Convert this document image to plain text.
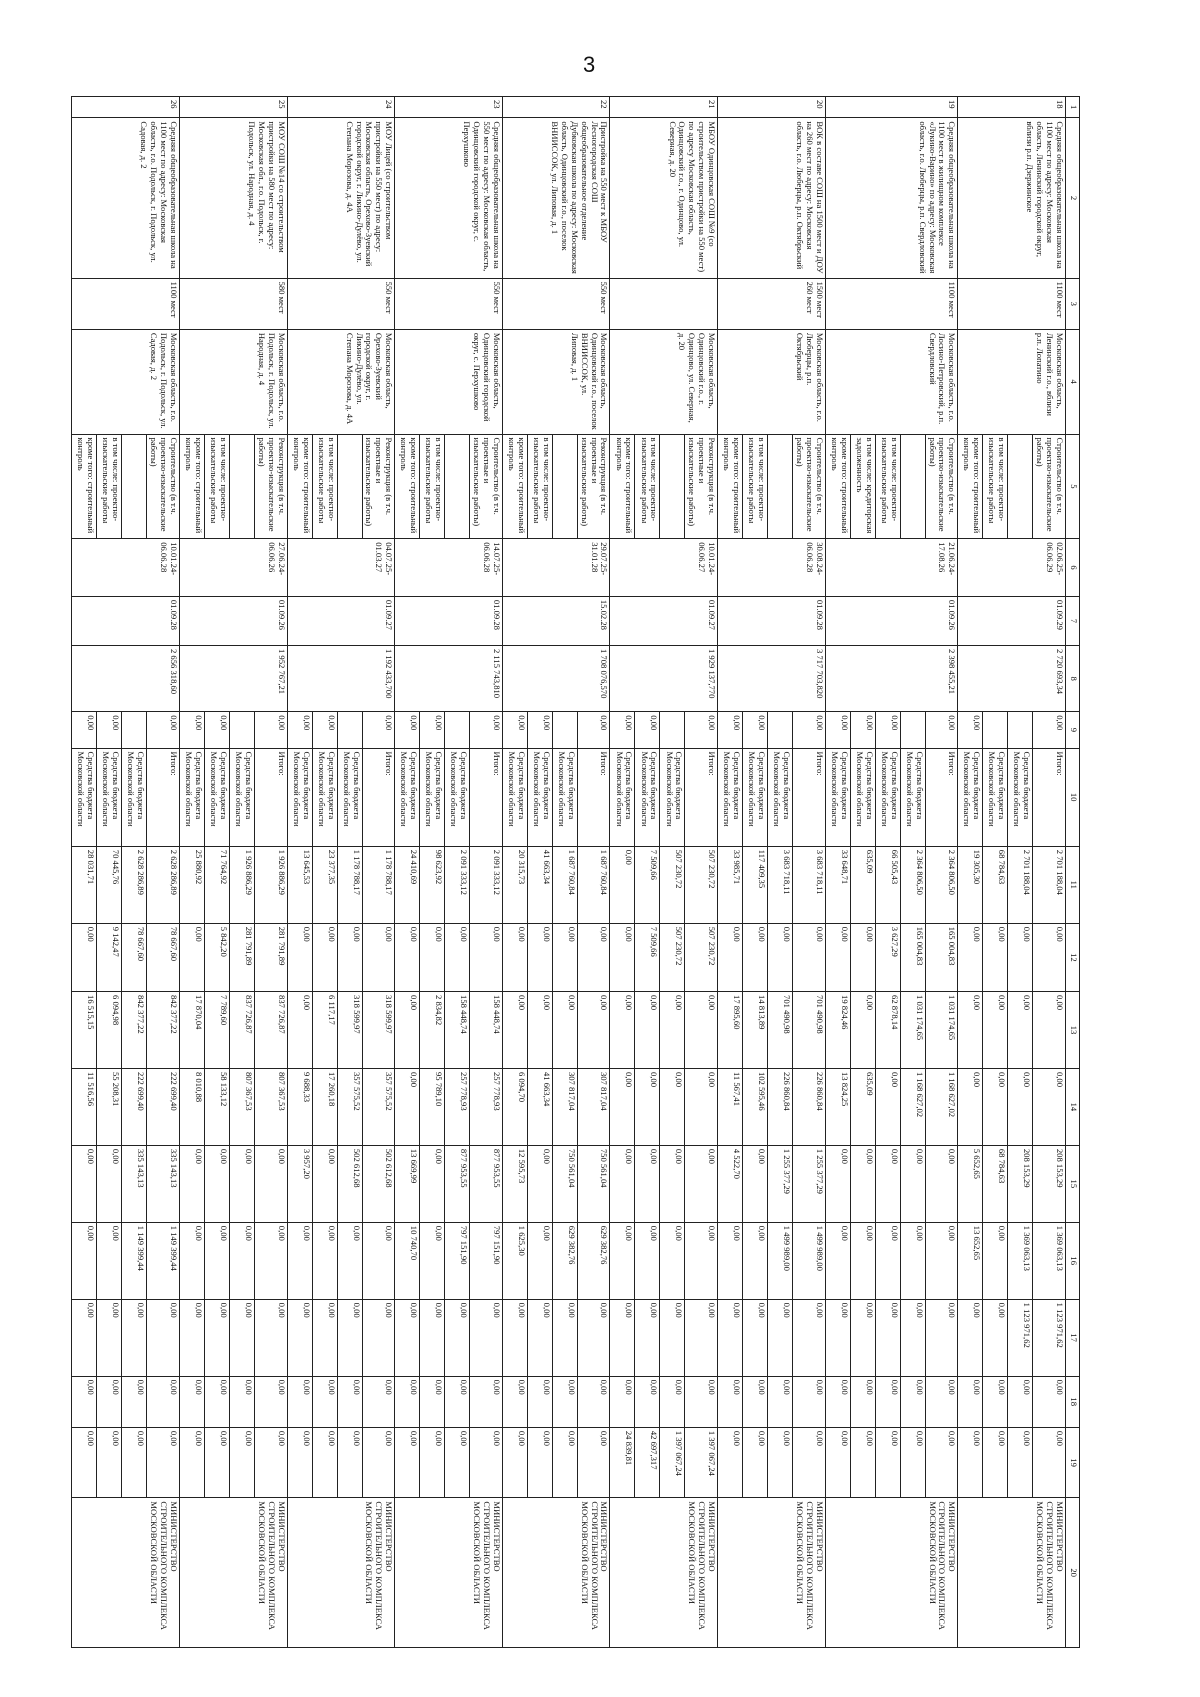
3
1	2	3	4	5	6	7	8	9	10	11	12	13	14	15	16	17	18	19	20
18	Средняя общеобразовательная школа на 1100 мест по адресу: Московская область, Ленинский городской округ, вблизи р.п. Дзержинское	1100 мест	Московская область, Ленинский г.о., вблизи р.п. Лопатино	Строительство (в т.ч. проектно-изыскательские работы)	02.06.25-06.06.29	01.09.29	2 720 693,34	0,00	Итого:	2 701 188,04	0,00	0,00	0,00	208 153,29	1 369 063,13	1 123 971,62	0,00	0,00	МИНИСТЕРСТВО СТРОИТЕЛЬНОГО КОМПЛЕКСА МОСКОВСКОЙ ОБЛАСТИ
									Средства бюджета Московской области	2 701 188,04	0,00	0,00	0,00	208 153,29	1 369 063,13	1 123 971,62	0,00	0,00	
				в том числе: проектно-изыскательские работы					Средства бюджета Московской области	68 784,63	0,00	0,00	0,00	68 784,63	0,00	0,00	0,00	0,00	
				кроме того: строительный контроль				0,00	Средства бюджета Московской области	19 305,30	0,00	0,00	0,00	5 652,65	13 652,65	0,00	0,00	0,00	
19	Средняя общеобразовательная школа на 1100 мест в жилищном комплексе «Лукино-Варино» по адресу: Московская область, г.о. Люберцы, р.п. Свердловский	1100 мест	Московская область, г.о. Лосино-Петровский, р.п. Свердловский	Строительство (в т.ч. проектно-изыскательские работы)	21.06.24-17.08.26	01.09.26	2 398 455,21	0,00	Итого:	2 364 806,50	165 004,83	1 031 174,65	1 168 627,02	0,00	0,00	0,00	0,00	0,00	МИНИСТЕРСТВО СТРОИТЕЛЬНОГО КОМПЛЕКСА МОСКОВСКОЙ ОБЛАСТИ
									Средства бюджета Московской области	2 364 806,50	165 004,83	1 031 174,65	1 168 627,02	0,00	0,00	0,00	0,00	0,00	
				в том числе: проектно-изыскательские работы				0,00	Средства бюджета Московской области	66 505,43	3 627,29	62 878,14	0,00	0,00	0,00	0,00	0,00	0,00	
				в том числе: кредиторская задолженность				0,00	Средства бюджета Московской области	635,09	0,00	0,00	635,09	0,00	0,00	0,00	0,00	0,00	
				кроме того: строительный контроль				0,00	Средства бюджета Московской области	33 648,71	0,00	19 824,46	13 824,25	0,00	0,00	0,00	0,00	0,00	
20	ВОК в составе СОШ на 1500 мест и ДОУ на 260 мест по адресу: Московская область, г.о. Люберцы, р.п. Октябрьский	1500 мест 260 мест	Московская область, г.о. Люберцы, р.п. Октябрьский	Строительство (в т.ч. проектно-изыскательские работы)	30.08.24-06.06.28	01.09.28	3 717 703,820	0,00	Итого:	3 683 718,11	0,00	701 490,98	226 860,84	1 255 377,29	1 499 989,00	0,00	0,00	0,00	МИНИСТЕРСТВО СТРОИТЕЛЬНОГО КОМПЛЕКСА МОСКОВСКОЙ ОБЛАСТИ
									Средства бюджета Московской области	3 683 718,11	0,00	701 490,98	226 860,84	1 255 377,29	1 499 989,00	0,00	0,00	0,00	
				в том числе: проектно-изыскательские работы				0,00	Средства бюджета Московской области	117 409,35	0,00	14 813,89	102 595,46	0,00	0,00	0,00	0,00	0,00	
				кроме того: строительный контроль				0,00	Средства бюджета Московской области	33 985,71	0,00	17 895,60	11 567,41	4 522,70	0,00	0,00	0,00	0,00	
21	МБОУ Одинцовская СОШ №9 (со строительством пристройки на 550 мест) по адресу Московская область, Одинцовский г.о., г. Одинцово, ул. Северная, д. 20		Московская область, Одинцовский г.о., г. Одинцово, ул. Северная, д. 20	Реконструкция (в т.ч. проектные и изыскательские работы)	10.01.24-06.06.27	01.09.27	1 929 137,770	0,00	Итого:	507 230,72	507 230,72	0,00	0,00	0,00	0,00	0,00	0,00	1 397 067,24	МИНИСТЕРСТВО СТРОИТЕЛЬНОГО КОМПЛЕКСА МОСКОВСКОЙ ОБЛАСТИ
									Средства бюджета Московской области	507 230,72	507 230,72	0,00	0,00	0,00	0,00	0,00	0,00	1 397 067,24	
				в том числе: проектно-изыскательские работы				0,00	Средства бюджета Московской области	7 509,66	7 509,66	0,00	0,00	0,00	0,00	0,00	0,00	42 697,317	
				кроме того: строительный контроль				0,00	Средства бюджета Московской области	0,00	0,00	0,00	0,00	0,00	0,00	0,00	0,00	24 839,81	
22	Пристройка на 550 мест к МБОУ Лесногородская СОШ общеобразовательное отделение Дубковская школа по адресу: Московская область, Одинцовский г.о., поселок ВНИИССОК, ул. Липовая, д. 1	550 мест	Московская область, Одинцовский г.о., поселок ВНИИССОК, ул. Липовая, д. 1	Реконструкция (в т.ч. проектные и изыскательские работы)	29.07.25-31.01.28	15.02.28	1 708 076,570	0,00	Итого:	1 687 760,84	0,00	0,00	307 817,04	750 561,04	629 382,76	0,00	0,00	0,00	МИНИСТЕРСТВО СТРОИТЕЛЬНОГО КОМПЛЕКСА МОСКОВСКОЙ ОБЛАСТИ
									Средства бюджета Московской области	1 687 760,84	0,00	0,00	307 817,04	750 561,04	629 382,76	0,00	0,00	0,00	
				в том числе: проектно-изыскательские работы				0,00	Средства бюджета Московской области	41 663,34	0,00	0,00	41 663,34	0,00	0,00	0,00	0,00	0,00	
				кроме того: строительный контроль				0,00	Средства бюджета Московской области	20 315,73	0,00	0,00	6 094,70	12 595,73	1 625,30	0,00	0,00	0,00	
23	Средняя общеобразовательная школа на 550 мест по адресу: Московская область, Одинцовский городской округ, с. Перхушково	550 мест	Московская область, Одинцовский городской округ, с. Перхушково	Строительство (в т.ч. проектные и изыскательские работы)	14.07.25-06.06.28	01.09.28	2 115 743,810	0,00	Итого:	2 091 333,12	0,00	158 448,74	257 778,93	877 953,55	797 151,90	0,00	0,00	0,00	МИНИСТЕРСТВО СТРОИТЕЛЬНОГО КОМПЛЕКСА МОСКОВСКОЙ ОБЛАСТИ
									Средства бюджета Московской области	2 091 333,12	0,00	158 448,74	257 778,93	877 953,55	797 151,90	0,00	0,00	0,00	
				в том числе: проектно-изыскательские работы				0,00	Средства бюджета Московской области	98 623,92	0,00	2 834,82	95 789,10	0,00	0,00	0,00	0,00	0,00	
				кроме того: строительный контроль				0,00	Средства бюджета Московской области	24 410,69	0,00	0,00	0,00	13 669,99	10 740,70	0,00	0,00	0,00	
24	МОУ Лицей (со строительством пристройки на 550 мест) по адресу: Московская область, Орехово-Зуевский городской округ, г. Ликино-Дулёво, ул. Степана Морозова, д. 4А	550 мест	Московская область, Орехово-Зуевский городской округ, г. Ликино-Дулёво, ул. Степана Морозова, д. 4А	Реконструкция (в т.ч. проектные и изыскательские работы)	04.07.25-01.03.27	01.09.27	1 192 433,700	0,00	Итого:	1 178 788,17	0,00	318 599,97	357 575,52	502 612,68	0,00	0,00	0,00	0,00	МИНИСТЕРСТВО СТРОИТЕЛЬНОГО КОМПЛЕКСА МОСКОВСКОЙ ОБЛАСТИ
									Средства бюджета Московской области	1 178 788,17	0,00	318 599,97	357 575,52	502 612,68	0,00	0,00	0,00	0,00	
				в том числе: проектно-изыскательские работы				0,00	Средства бюджета Московской области	23 377,35	0,00	6 117,17	17 260,18	0,00	0,00	0,00	0,00	0,00	
				кроме того: строительный контроль				0,00	Средства бюджета Московской области	13 645,53	0,00	0,00	9 688,33	3 957,20	0,00	0,00	0,00	0,00	
25	МОУ СОШ №14 со строительством пристройки на 580 мест по адресу: Московская обл., г.о. Подольск, г. Подольск, ул. Народная, д. 4	580 мест	Московская область, г.о. Подольск, г. Подольск, ул. Народная, д. 4	Реконструкция (в т.ч. проектно-изыскательские работы)	27.06.24-06.06.26	01.09.26	1 952 767,21	0,00	Итого:	1 926 886,29	281 791,89	837 726,87	807 367,53	0,00	0,00	0,00	0,00	0,00	МИНИСТЕРСТВО СТРОИТЕЛЬНОГО КОМПЛЕКСА МОСКОВСКОЙ ОБЛАСТИ
									Средства бюджета Московской области	1 926 886,29	281 791,89	837 726,87	807 367,53	0,00	0,00	0,00	0,00	0,00	
				в том числе: проектно-изыскательские работы				0,00	Средства бюджета Московской области	71 764,92	5 842,20	7 789,60	58 133,12	0,00	0,00	0,00	0,00	0,00	
				кроме того: строительный контроль				0,00	Средства бюджета Московской области	25 880,92	0,00	17 870,04	8 010,88	0,00	0,00	0,00	0,00	0,00	
26	Средняя общеобразовательная школа на 1100 мест по адресу: Московская область, г.о. Подольск, г. Подольск, ул. Садовая, д. 2	1100 мест	Московская область, г.о. Подольск, г. Подольск, ул. Садовая, д. 2	Строительство (в т.ч. проектно-изыскательские работы)	10.01.24-06.06.28	01.09.28	2 656 318,60	0,00	Итого:	2 628 286,89	78 667,60	842 377,22	222 699,40	335 143,13	1 149 399,44	0,00	0,00	0,00	МИНИСТЕРСТВО СТРОИТЕЛЬНОГО КОМПЛЕКСА МОСКОВСКОЙ ОБЛАСТИ
									Средства бюджета Московской области	2 628 286,89	78 667,60	842 377,22	222 699,40	335 143,13	1 149 399,44	0,00	0,00	0,00	
				в том числе: проектно-изыскательские работы				0,00	Средства бюджета Московской области	70 445,76	9 142,47	6 094,98	55 208,31	0,00	0,00	0,00	0,00	0,00	
				кроме того: строительный контроль				0,00	Средства бюджета Московской области	28 031,71	0,00	16 515,15	11 516,56	0,00	0,00	0,00	0,00	0,00	
